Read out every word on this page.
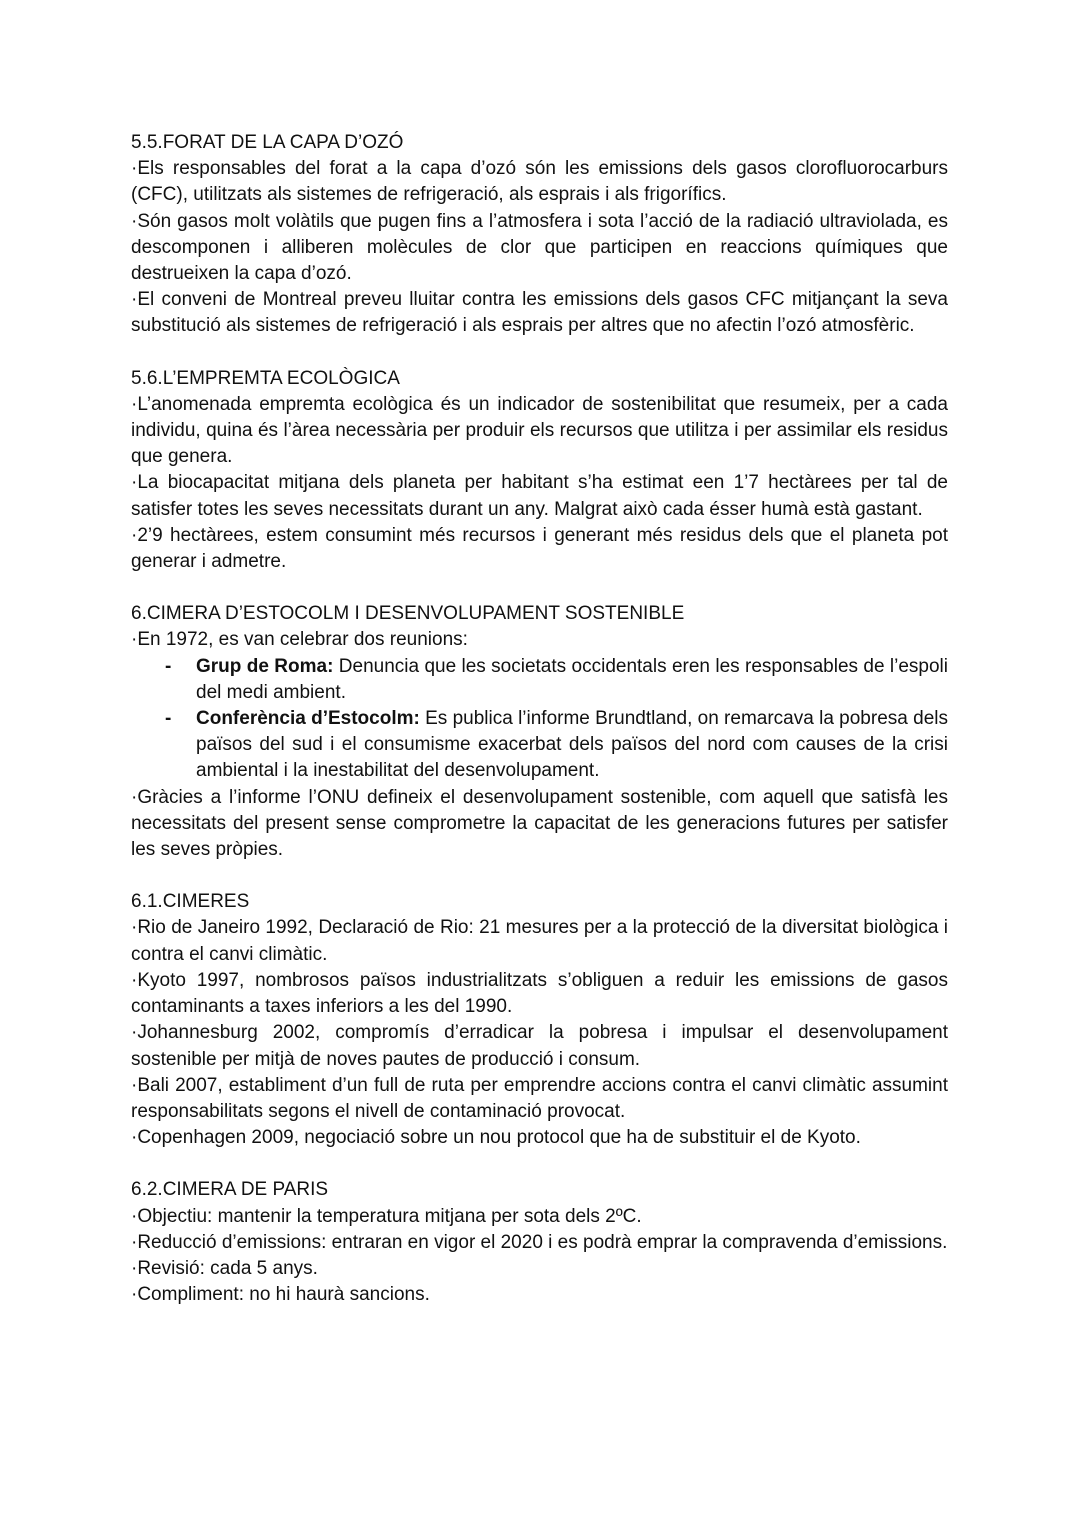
5.5.FORAT DE LA CAPA D’OZÓ

·Els responsables del forat a la capa d’ozó són les emissions dels gasos clorofluorocarburs (CFC), utilitzats als sistemes de refrigeració, als esprais i als frigorífics.

·Són gasos molt volàtils que pugen fins a l’atmosfera i sota l’acció de la radiació ultraviolada, es descomponen i alliberen molècules de clor que participen en reaccions químiques que destrueixen la capa d’ozó.

·El conveni de Montreal preveu lluitar contra les emissions dels gasos CFC mitjançant la seva substitució als sistemes de refrigeració i als esprais per altres que no afectin l’ozó atmosfèric.

5.6.L’EMPREMTA ECOLÒGICA

·L’anomenada empremta ecològica és un indicador de sostenibilitat que resumeix, per a cada individu, quina és l’àrea necessària per produir els recursos que utilitza i per assimilar els residus que genera.

·La biocapacitat mitjana dels planeta per habitant s’ha estimat een 1’7 hectàrees per tal de satisfer totes les seves necessitats durant un any. Malgrat això cada ésser humà està gastant.

·2’9 hectàrees, estem consumint més recursos i generant més residus dels que el planeta pot generar i admetre.

6.CIMERA D’ESTOCOLM I DESENVOLUPAMENT SOSTENIBLE

·En 1972, es van celebrar dos reunions:

- Grup de Roma: Denuncia que les societats occidentals eren les responsables de l’espoli del medi ambient.
- Conferència d’Estocolm: Es publica l’informe Brundtland, on remarcava la pobresa dels països del sud i el consumisme exacerbat dels països del nord com causes de la crisi ambiental i la inestabilitat del desenvolupament.

·Gràcies a l’informe l’ONU defineix el desenvolupament sostenible, com aquell que satisfà les necessitats del present sense comprometre la capacitat de les generacions futures per satisfer les seves pròpies.

6.1.CIMERES

·Rio de Janeiro 1992, Declaració de Rio: 21 mesures per a la protecció de la diversitat biològica i contra el canvi climàtic.

·Kyoto 1997, nombrosos països industrialitzats s’obliguen a reduir les emissions de gasos contaminants a taxes inferiors a les del 1990.

·Johannesburg 2002, compromís d’erradicar la pobresa i impulsar el desenvolupament sostenible per mitjà de noves pautes de producció i consum.

·Bali 2007, establiment d’un full de ruta per emprendre accions contra el canvi climàtic assumint responsabilitats segons el nivell de contaminació provocat.

·Copenhagen 2009, negociació sobre un nou protocol que ha de substituir el de Kyoto.

6.2.CIMERA DE PARIS

·Objectiu: mantenir la temperatura mitjana per sota dels 2ºC.

·Reducció d’emissions: entraran en vigor el 2020 i es podrà emprar la compravenda d’emissions.

·Revisió: cada 5 anys.

·Compliment: no hi haurà sancions.
